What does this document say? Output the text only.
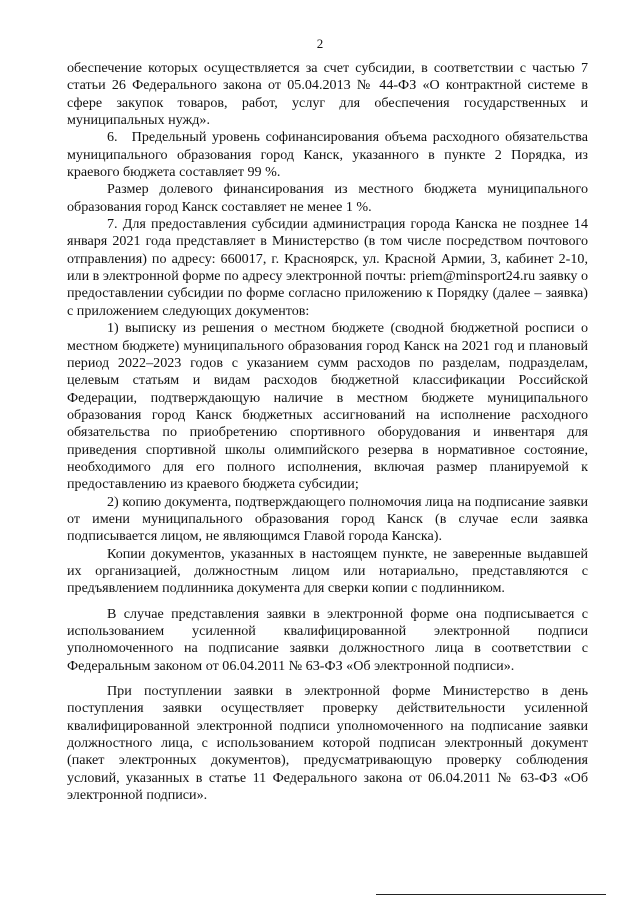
2

обеспечение которых осуществляется за счет субсидии, в соответствии с частью 7 статьи 26 Федерального закона от 05.04.2013 № 44-ФЗ «О контрактной системе в сфере закупок товаров, работ, услуг для обеспечения государственных и муниципальных нужд».

6. Предельный уровень софинансирования объема расходного обязательства муниципального образования город Канск, указанного в пункте 2 Порядка, из краевого бюджета составляет 99 %.

Размер долевого финансирования из местного бюджета муниципального образования город Канск составляет не менее 1 %.

7. Для предоставления субсидии администрация города Канска не позднее 14 января 2021 года представляет в Министерство (в том числе посредством почтового отправления) по адресу: 660017, г. Красноярск, ул. Красной Армии, 3, кабинет 2-10, или в электронной форме по адресу электронной почты: priem@minsport24.ru заявку о предоставлении субсидии по форме согласно приложению к Порядку (далее – заявка) с приложением следующих документов:

1) выписку из решения о местном бюджете (сводной бюджетной росписи о местном бюджете) муниципального образования город Канск на 2021 год и плановый период 2022–2023 годов с указанием сумм расходов по разделам, подразделам, целевым статьям и видам расходов бюджетной классификации Российской Федерации, подтверждающую наличие в местном бюджете муниципального образования город Канск бюджетных ассигнований на исполнение расходного обязательства по приобретению спортивного оборудования и инвентаря для приведения спортивной школы олимпийского резерва в нормативное состояние, необходимого для его полного исполнения, включая размер планируемой к предоставлению из краевого бюджета субсидии;

2) копию документа, подтверждающего полномочия лица на подписание заявки от имени муниципального образования город Канск (в случае если заявка подписывается лицом, не являющимся Главой города Канска).

Копии документов, указанных в настоящем пункте, не заверенные выдавшей их организацией, должностным лицом или нотариально, представляются с предъявлением подлинника документа для сверки копии с подлинником.

В случае представления заявки в электронной форме она подписывается с использованием усиленной квалифицированной электронной подписи уполномоченного на подписание заявки должностного лица в соответствии с Федеральным законом от 06.04.2011 № 63-ФЗ «Об электронной подписи».

При поступлении заявки в электронной форме Министерство в день поступления заявки осуществляет проверку действительности усиленной квалифицированной электронной подписи уполномоченного на подписание заявки должностного лица, с использованием которой подписан электронный документ (пакет электронных документов), предусматривающую проверку соблюдения условий, указанных в статье 11 Федерального закона от 06.04.2011 № 63-ФЗ «Об электронной подписи».
